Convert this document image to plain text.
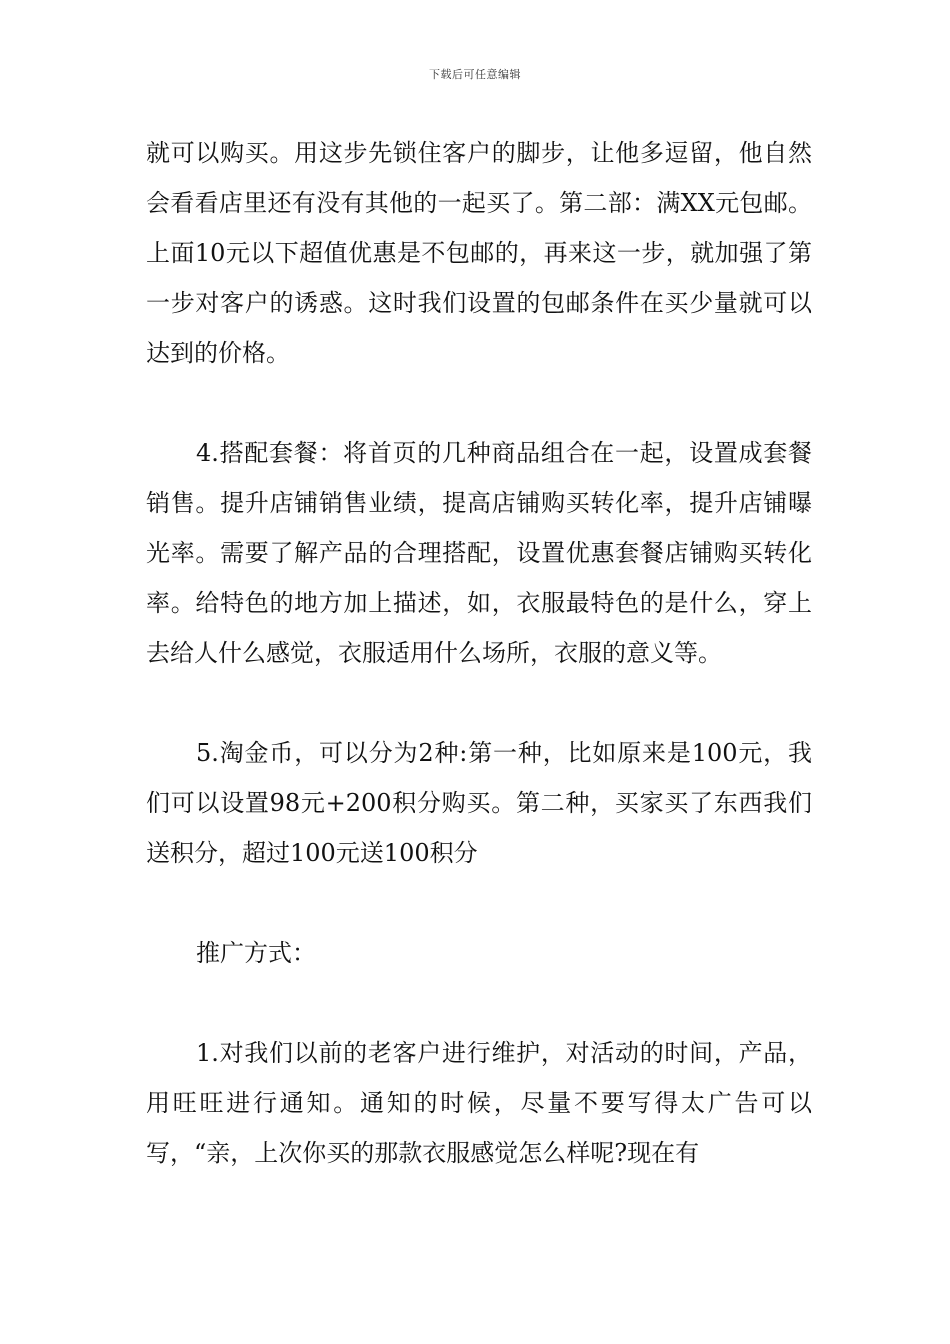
下载后可任意编辑

就可以购买。用这步先锁住客户的脚步，让他多逗留，他自然会看看店里还有没有其他的一起买了。第二部：满XX元包邮。上面10元以下超值优惠是不包邮的，再来这一步，就加强了第一步对客户的诱惑。这时我们设置的包邮条件在买少量就可以达到的价格。

4.搭配套餐：将首页的几种商品组合在一起，设置成套餐销售。提升店铺销售业绩，提高店铺购买转化率，提升店铺曝光率。需要了解产品的合理搭配，设置优惠套餐店铺购买转化率。给特色的地方加上描述，如，衣服最特色的是什么，穿上去给人什么感觉，衣服适用什么场所，衣服的意义等。

5.淘金币，可以分为2种:第一种，比如原来是100元，我们可以设置98元+200积分购买。第二种，买家买了东西我们送积分，超过100元送100积分

推广方式：

1.对我们以前的老客户进行维护，对活动的时间，产品，用旺旺进行通知。通知的时候，尽量不要写得太广告可以写，“亲，上次你买的那款衣服感觉怎么样呢?现在有
